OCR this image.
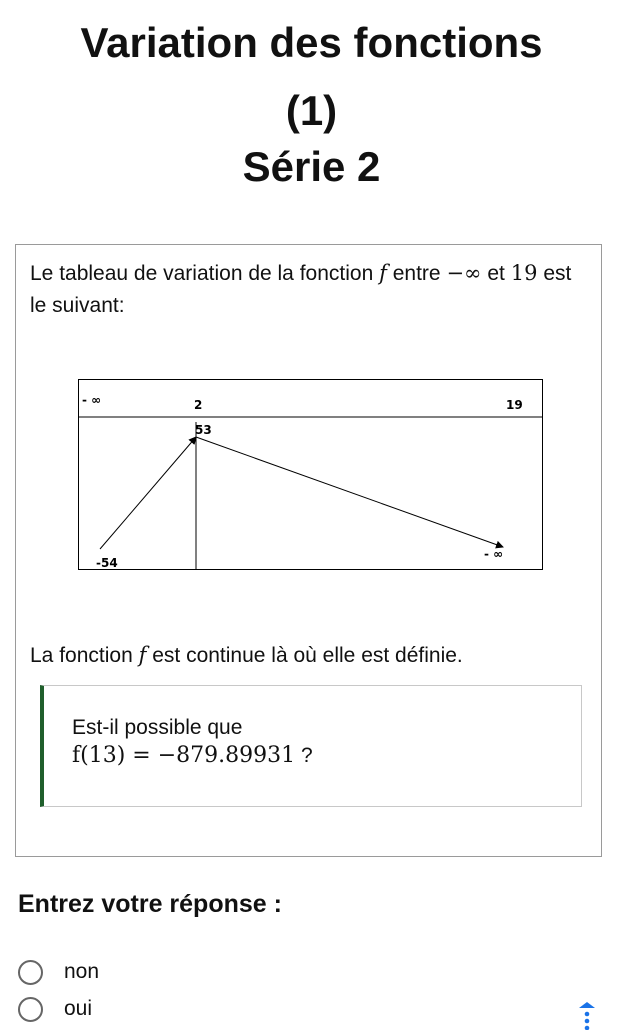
Variation des fonctions
(1)
Série 2
Le tableau de variation de la fonction f entre −∞ et 19 est le suivant:
- ∞	2	19
53
-54
- ∞
La fonction f est continue là où elle est définie.
Est-il possible que
f(13) = −879.89931 ?
Entrez votre réponse :
non
oui
